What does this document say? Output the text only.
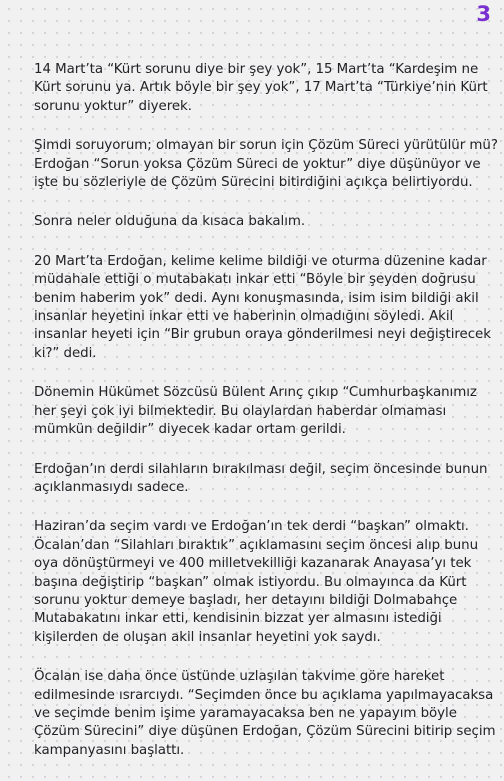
3

14 Mart’ta “Kürt sorunu diye bir şey yok”, 15 Mart’ta “Kardeşim ne Kürt sorunu ya. Artık böyle bir şey yok”, 17 Mart’ta “Türkiye’nin Kürt sorunu yoktur” diyerek.

Şimdi soruyorum; olmayan bir sorun için Çözüm Süreci yürütülür mü? Erdoğan “Sorun yoksa Çözüm Süreci de yoktur” diye düşünüyor ve işte bu sözleriyle de Çözüm Sürecini bitirdiğini açıkça belirtiyordu.

Sonra neler olduğuna da kısaca bakalım.

20 Mart’ta Erdoğan, kelime kelime bildiği ve oturma düzenine kadar müdahale ettiği o mutabakatı inkar etti “Böyle bir şeyden doğrusu benim haberim yok” dedi. Aynı konuşmasında, isim isim bildiği akil insanlar heyetini inkar etti ve haberinin olmadığını söyledi. Akil insanlar heyeti için “Bir grubun oraya gönderilmesi neyi değiştirecek ki?” dedi.

Dönemin Hükümet Sözcüsü Bülent Arınç çıkıp “Cumhurbaşkanımız her şeyi çok iyi bilmektedir. Bu olaylardan haberdar olmaması mümkün değildir” diyecek kadar ortam gerildi.

Erdoğan’ın derdi silahların bırakılması değil, seçim öncesinde bunun açıklanmasıydı sadece.

Haziran’da seçim vardı ve Erdoğan’ın tek derdi “başkan” olmaktı. Öcalan’dan “Silahları bıraktık” açıklamasını seçim öncesi alıp bunu oya dönüştürmeyi ve 400 milletvekilliği kazanarak Anayasa’yı tek başına değiştirip “başkan” olmak istiyordu. Bu olmayınca da Kürt sorunu yoktur demeye başladı, her detayını bildiği Dolmabahçe Mutabakatını inkar etti, kendisinin bizzat yer almasını istediği kişilerden de oluşan akil insanlar heyetini yok saydı.

Öcalan ise daha önce üstünde uzlaşılan takvime göre hareket edilmesinde ısrarcıydı. “Seçimden önce bu açıklama yapılmayacaksa ve seçimde benim işime yaramayacaksa ben ne yapayım böyle Çözüm Sürecini” diye düşünen Erdoğan, Çözüm Sürecini bitirip seçim kampanyasını başlattı.
